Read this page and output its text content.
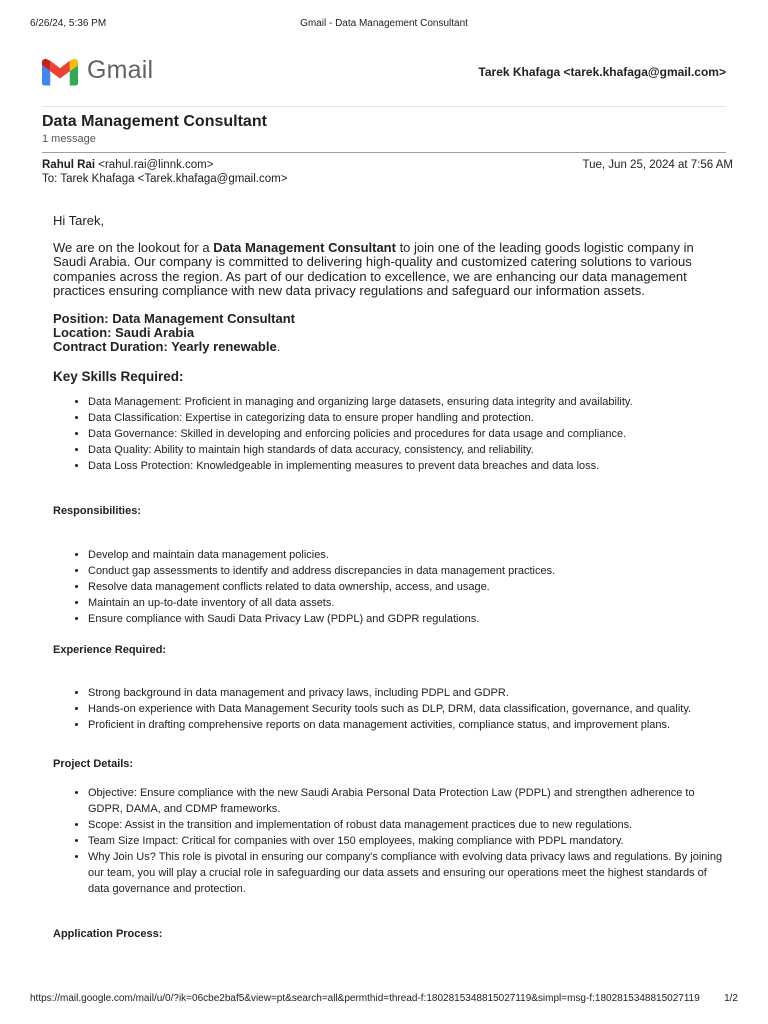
6/26/24, 5:36 PM	Gmail - Data Management Consultant
Gmail	Tarek Khafaga <tarek.khafaga@gmail.com>
Data Management Consultant
1 message
Rahul Rai <rahul.rai@linnk.com>	Tue, Jun 25, 2024 at 7:56 AM
To: Tarek Khafaga <Tarek.khafaga@gmail.com>

Hi Tarek,

We are on the lookout for a Data Management Consultant to join one of the leading goods logistic company in Saudi Arabia. Our company is committed to delivering high-quality and customized catering solutions to various companies across the region. As part of our dedication to excellence, we are enhancing our data management practices ensuring compliance with new data privacy regulations and safeguard our information assets.

Position: Data Management Consultant
Location: Saudi Arabia
Contract Duration: Yearly renewable.

Key Skills Required:

• Data Management: Proficient in managing and organizing large datasets, ensuring data integrity and availability.
• Data Classification: Expertise in categorizing data to ensure proper handling and protection.
• Data Governance: Skilled in developing and enforcing policies and procedures for data usage and compliance.
• Data Quality: Ability to maintain high standards of data accuracy, consistency, and reliability.
• Data Loss Protection: Knowledgeable in implementing measures to prevent data breaches and data loss.

Responsibilities:

• Develop and maintain data management policies.
• Conduct gap assessments to identify and address discrepancies in data management practices.
• Resolve data management conflicts related to data ownership, access, and usage.
• Maintain an up-to-date inventory of all data assets.
• Ensure compliance with Saudi Data Privacy Law (PDPL) and GDPR regulations.

Experience Required:

• Strong background in data management and privacy laws, including PDPL and GDPR.
• Hands-on experience with Data Management Security tools such as DLP, DRM, data classification, governance, and quality.
• Proficient in drafting comprehensive reports on data management activities, compliance status, and improvement plans.

Project Details:

• Objective: Ensure compliance with the new Saudi Arabia Personal Data Protection Law (PDPL) and strengthen adherence to GDPR, DAMA, and CDMP frameworks.
• Scope: Assist in the transition and implementation of robust data management practices due to new regulations.
• Team Size Impact: Critical for companies with over 150 employees, making compliance with PDPL mandatory.
• Why Join Us? This role is pivotal in ensuring our company's compliance with evolving data privacy laws and regulations. By joining our team, you will play a crucial role in safeguarding our data assets and ensuring our operations meet the highest standards of data governance and protection.

Application Process:

https://mail.google.com/mail/u/0/?ik=06cbe2baf5&view=pt&search=all&permthid=thread-f:1802815348815027119&simpl=msg-f:1802815348815027119 1/2
